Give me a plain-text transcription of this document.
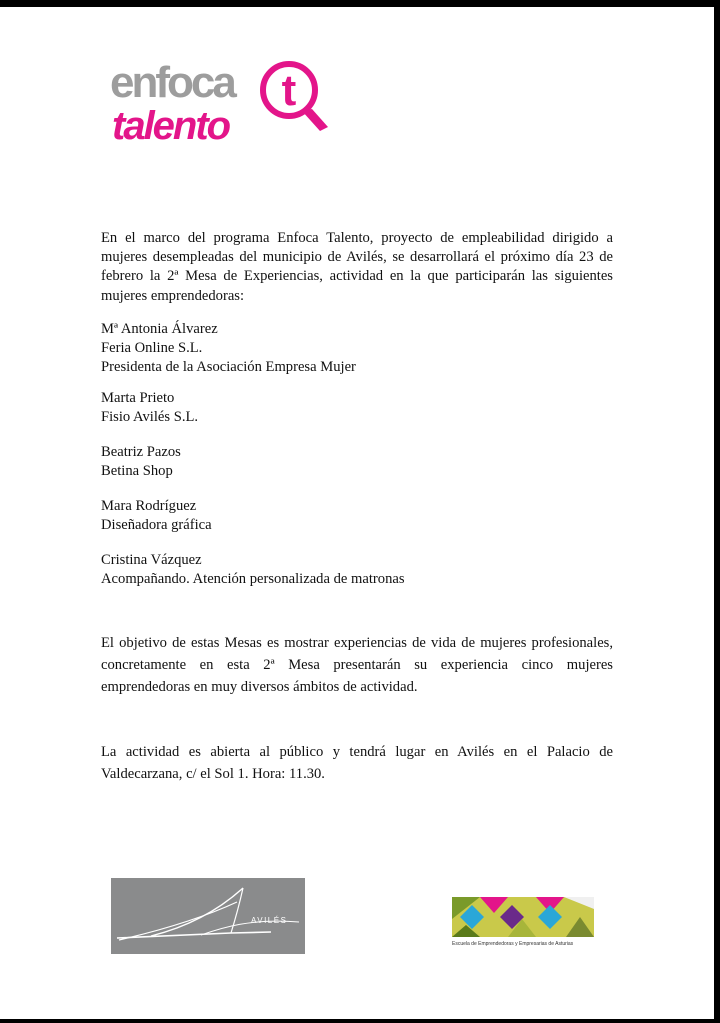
t
enfoca
talento

En el marco del programa Enfoca Talento, proyecto de empleabilidad dirigido a mujeres desempleadas del municipio de Avilés, se desarrollará el próximo día 23 de febrero la 2ª Mesa de Experiencias, actividad en la que participarán las siguientes mujeres emprendedoras:

Mª Antonia Álvarez
Feria Online S.L.
Presidenta de la Asociación Empresa Mujer
Marta Prieto
Fisio Avilés S.L.
Beatriz Pazos
Betina Shop
Mara Rodríguez
Diseñadora gráfica
Cristina Vázquez
Acompañando. Atención personalizada de matronas

El objetivo de estas Mesas es mostrar experiencias de vida de mujeres profesionales, concretamente en esta 2ª Mesa presentarán su experiencia cinco mujeres emprendedoras en muy diversos ámbitos de actividad.

La actividad es abierta al público y tendrá lugar en Avilés en el Palacio de Valdecarzana, c/ el Sol 1. Hora: 11.30.

AVILÉS
Escuela de Emprendedoras y Empresarias de Asturias
